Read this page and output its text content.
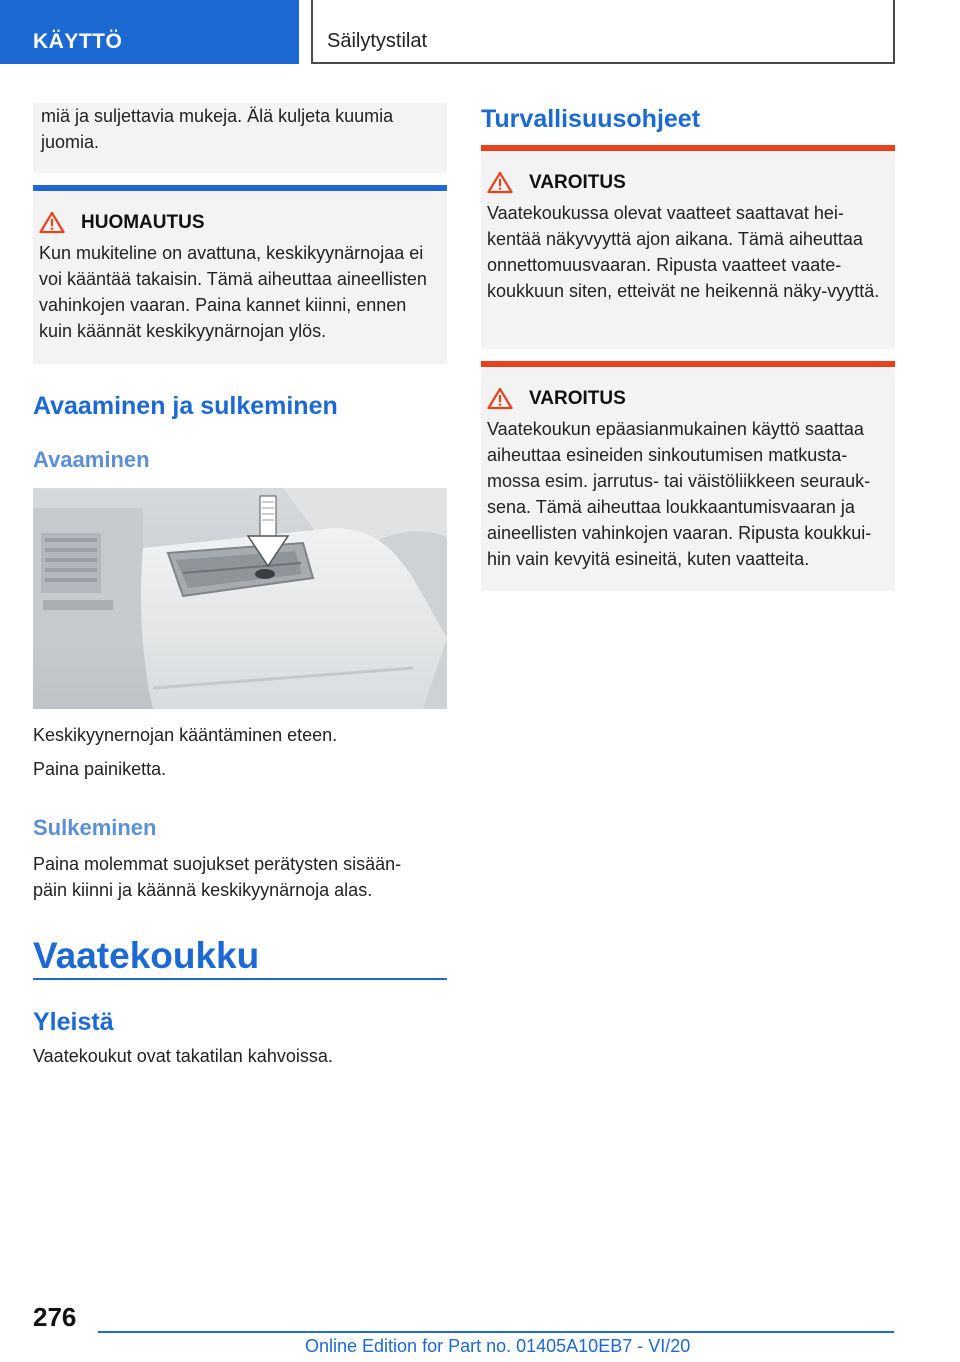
KÄYTTÖ	Säilytystilat

miä ja suljettavia mukeja. Älä kuljeta kuumia juomia.

HUOMAUTUS

Kun mukiteline on avattuna, keskikyynärnojaa ei voi kääntää takaisin. Tämä aiheuttaa aineellisten vahinkojen vaaran. Paina kannet kiinni, ennen kuin käännät keskikyynärnojan ylös.

Avaaminen ja sulkeminen
Avaaminen

Keskikyynernojan kääntäminen eteen.

Paina painiketta.

Sulkeminen

Paina molemmat suojukset perätysten sisään-päin kiinni ja käännä keskikyynärnoja alas.

Vaatekoukku
Yleistä

Vaatekoukut ovat takatilan kahvoissa.

Turvallisuusohjeet
VAROITUS

Vaatekoukussa olevat vaatteet saattavat hei-kentää näkyvyyttä ajon aikana. Tämä aiheuttaa onnettomuusvaaran. Ripusta vaatteet vaate-koukkuun siten, etteivät ne heikennä näky-vyyttä.

VAROITUS

Vaatekoukun epäasianmukainen käyttö saattaa aiheuttaa esineiden sinkoutumisen matkusta-mossa esim. jarrutus- tai väistöliikkeen seurauk-sena. Tämä aiheuttaa loukkaantumisvaaran ja aineellisten vahinkojen vaaran. Ripusta koukkui-hin vain kevyitä esineitä, kuten vaatteita.

276
Online Edition for Part no. 01405A10EB7 - VI/20
